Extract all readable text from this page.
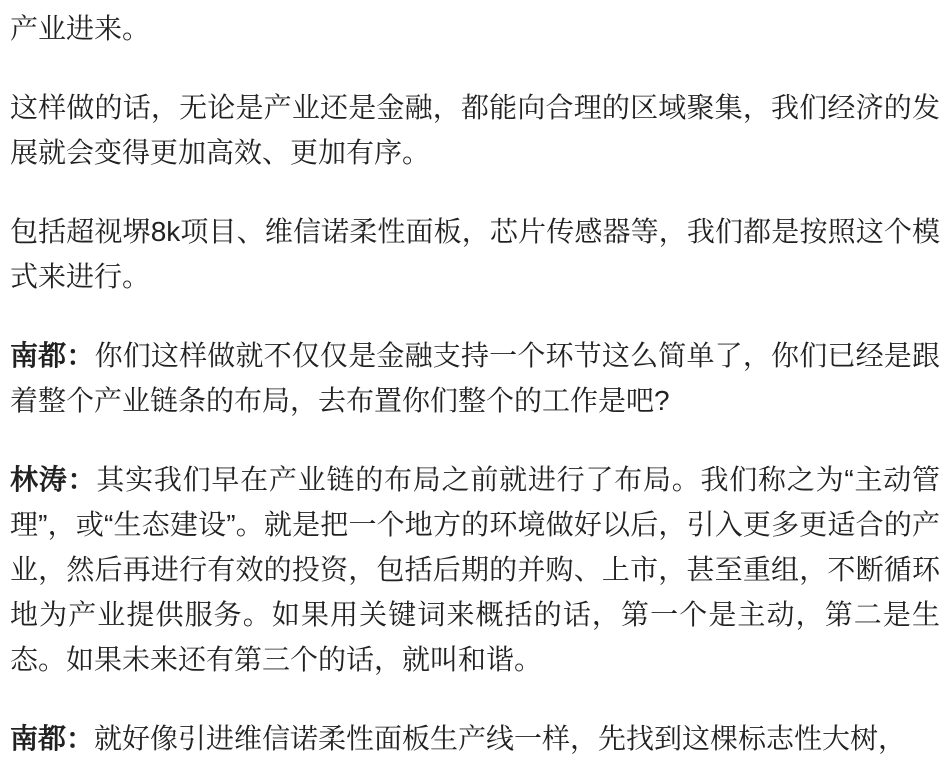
产业进来。

这样做的话，无论是产业还是金融，都能向合理的区域聚集，我们经济的发展就会变得更加高效、更加有序。

包括超视堺8k项目、维信诺柔性面板，芯片传感器等，我们都是按照这个模式来进行。

南都：你们这样做就不仅仅是金融支持一个环节这么简单了，你们已经是跟着整个产业链条的布局，去布置你们整个的工作是吧?

林涛：其实我们早在产业链的布局之前就进行了布局。我们称之为“主动管理”，或“生态建设”。就是把一个地方的环境做好以后，引入更多更适合的产业，然后再进行有效的投资，包括后期的并购、上市，甚至重组，不断循环地为产业提供服务。如果用关键词来概括的话，第一个是主动，第二是生态。如果未来还有第三个的话，就叫和谐。

南都：就好像引进维信诺柔性面板生产线一样，先找到这棵标志性大树，
